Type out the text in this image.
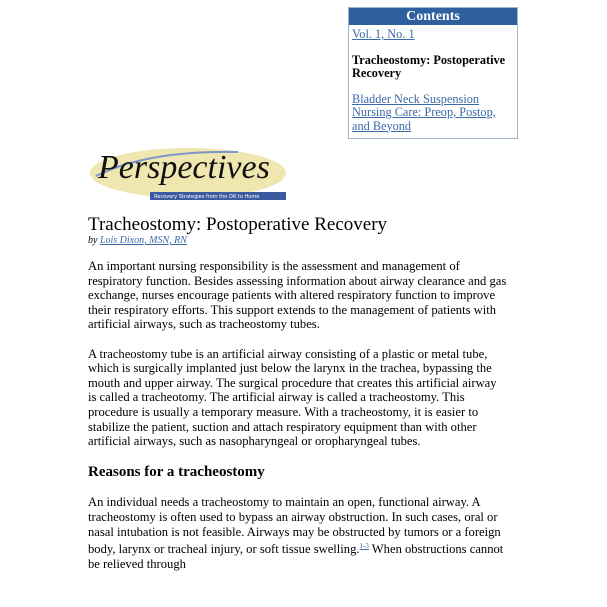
Contents

Vol. 1, No. 1

Tracheostomy: Postoperative Recovery

Bladder Neck Suspension Nursing Care: Preop, Postop, and Beyond

Perspectives
Recovery Strategies from the OR to Home
Tracheostomy: Postoperative Recovery
by Lois Dixon, MSN, RN

An important nursing responsibility is the assessment and management of respiratory function. Besides assessing information about airway clearance and gas exchange, nurses encourage patients with altered respiratory function to improve their respiratory efforts. This support extends to the management of patients with artificial airways, such as tracheostomy tubes.

A tracheostomy tube is an artificial airway consisting of a plastic or metal tube, which is surgically implanted just below the larynx in the trachea, bypassing the mouth and upper airway. The surgical procedure that creates this artificial airway is called a tracheotomy. The artificial airway is called a tracheostomy. This procedure is usually a temporary measure. With a tracheostomy, it is easier to stabilize the patient, suction and attach respiratory equipment than with other artificial airways, such as nasopharyngeal or oropharyngeal tubes.

Reasons for a tracheostomy

An individual needs a tracheostomy to maintain an open, functional airway. A tracheostomy is often used to bypass an airway obstruction. In such cases, oral or nasal intubation is not feasible. Airways may be obstructed by tumors or a foreign body, larynx or tracheal injury, or soft tissue swelling.$^{1-3}$ When obstructions cannot be relieved through
